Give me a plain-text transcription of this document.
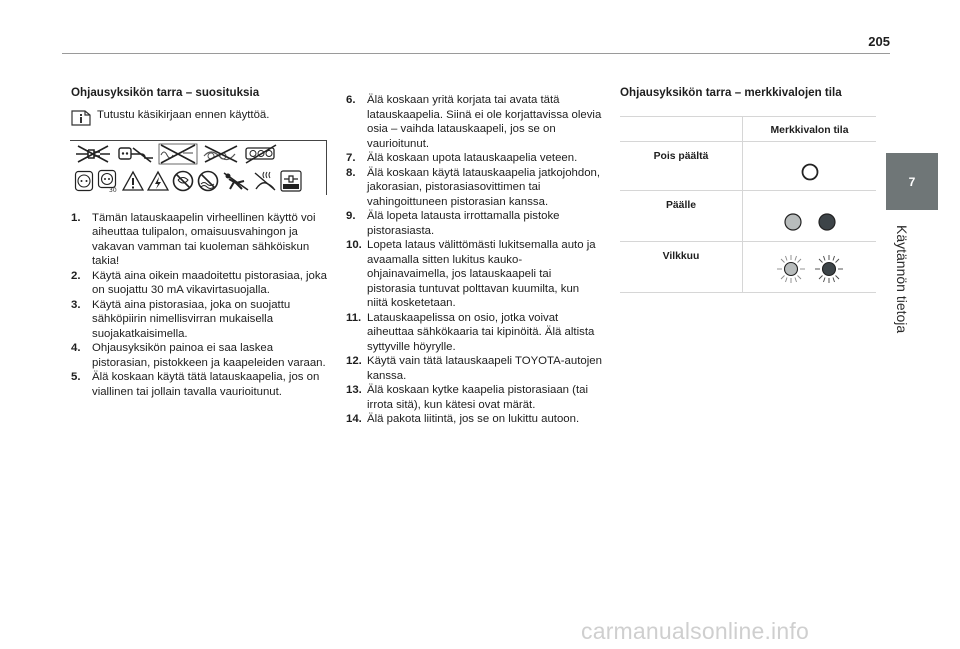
205
7
Käytännön tietoja
Ohjausyksikön tarra – suosituksia
Tutustu käsikirjaan ennen käyttöä.
30
1.	Tämän latauskaapelin virheellinen käyttö voi aiheuttaa tulipalon, omaisuusvahingon ja vakavan vamman tai kuoleman sähköiskun takia!
2.	Käytä aina oikein maadoitettu pistorasiaa, joka on suojattu 30 mA vikavirtasuojalla.
3.	Käytä aina pistorasiaa, joka on suojattu sähköpiirin nimellisvirran mukaisella suojakatkaisimella.
4.	Ohjausyksikön painoa ei saa laskea pistorasian, pistokkeen ja kaapeleiden varaan.
5.	Älä koskaan käytä tätä latauskaapelia, jos on viallinen tai jollain tavalla vaurioitunut.
6.	Älä koskaan yritä korjata tai avata tätä latauskaapelia. Siinä ei ole korjattavissa olevia osia – vaihda latauskaapeli, jos se on vaurioitunut.
7.	Älä koskaan upota latauskaapelia veteen.
8.	Älä koskaan käytä latauskaapelia jatkojohdon, jakorasian, pistorasiasovittimen tai vahingoittuneen pistorasian kanssa.
9.	Älä lopeta latausta irrottamalla pistoke pistorasiasta.
10. Lopeta lataus välittömästi lukitsemalla auto ja avaamalla sitten lukitus kauko-ohjainavaimella, jos latauskaapeli tai pistorasia tuntuvat polttavan kuumilta, kun niitä kosketetaan.
11. Latauskaapelissa on osio, jotka voivat aiheuttaa sähkökaaria tai kipinöitä. Älä altista syttyville höyrylle.
12. Käytä vain tätä latauskaapeli TOYOTA-autojen kanssa.
13. Älä koskaan kytke kaapelia pistorasiaan (tai irrota sitä), kun kätesi ovat märät.
14. Älä pakota liitintä, jos se on lukittu autoon.
Ohjausyksikön tarra – merkkivalojen tila
	Merkkivalon tila
Pois päältä	

Päälle	

Vilkkuu	
carmanualsonline.info
